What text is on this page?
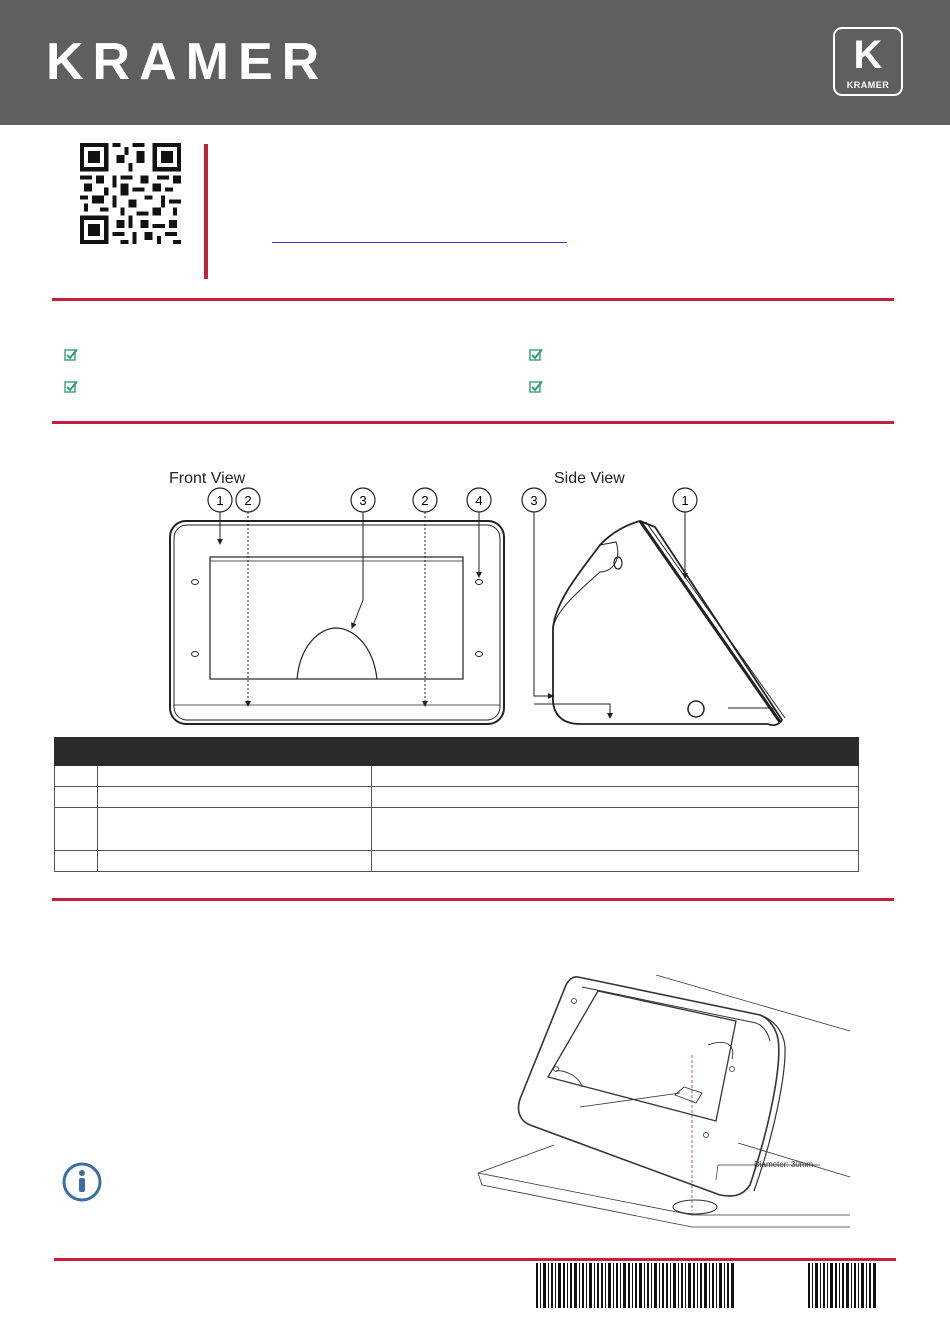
KRAMER	K
KRAMER
Front View	Side View
1 2	3	2	4	3	1

Diameter: 30mm
